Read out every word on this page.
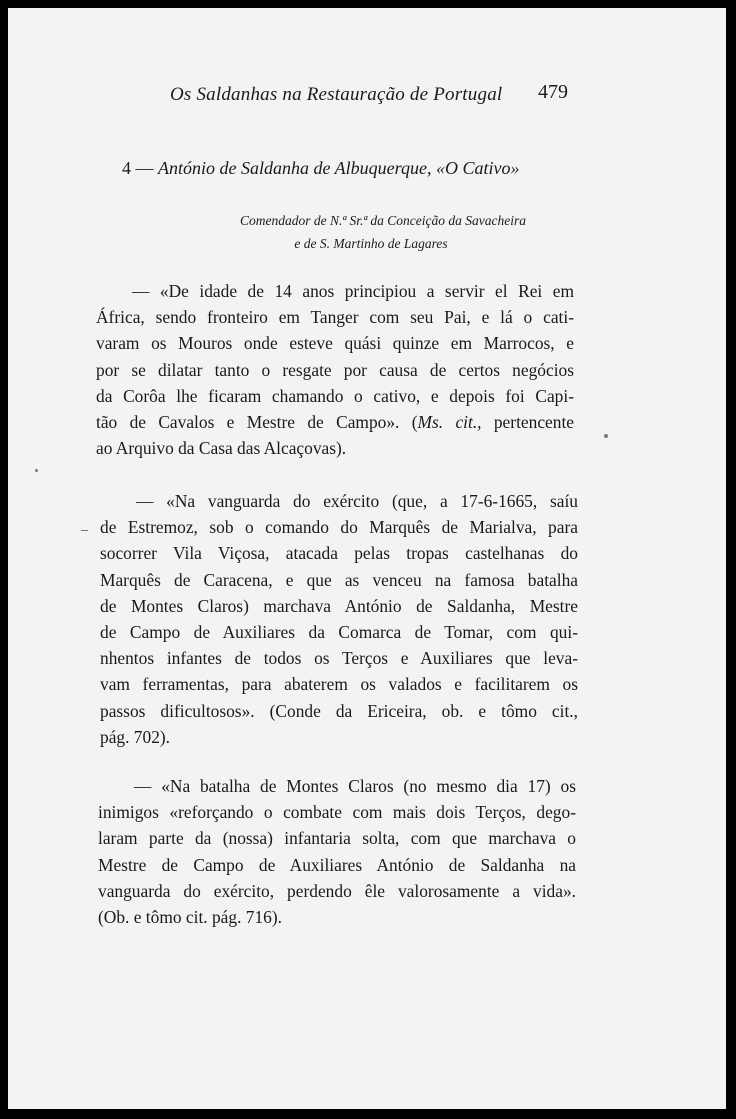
Os Saldanhas na Restauração de Portugal 479
4 — António de Saldanha de Albuquerque, «O Cativo»
Comendador de N.ª Sr.ª da Conceição da Savacheira
e de S. Martinho de Lagares
— «De idade de 14 anos principiou a servir el Rei em
África, sendo fronteiro em Tanger com seu Pai, e lá o cati-
varam os Mouros onde esteve quási quinze em Marrocos, e
por se dilatar tanto o resgate por causa de certos negócios
da Corôa lhe ficaram chamando o cativo, e depois foi Capi-
tão de Cavalos e Mestre de Campo». (Ms. cit., pertencente
ao Arquivo da Casa das Alcaçovas).
— «Na vanguarda do exército (que, a 17-6-1665, saíu
de Estremoz, sob o comando do Marquês de Marialva, para
socorrer Vila Viçosa, atacada pelas tropas castelhanas do
Marquês de Caracena, e que as venceu na famosa batalha
de Montes Claros) marchava António de Saldanha, Mestre
de Campo de Auxiliares da Comarca de Tomar, com qui-
nhentos infantes de todos os Terços e Auxiliares que leva-
vam ferramentas, para abaterem os valados e facilitarem os
passos dificultosos». (Conde da Ericeira, ob. e tômo cit.,
pág. 702).
— «Na batalha de Montes Claros (no mesmo dia 17) os
inimigos «reforçando o combate com mais dois Terços, dego-
laram parte da (nossa) infantaria solta, com que marchava o
Mestre de Campo de Auxiliares António de Saldanha na
vanguarda do exército, perdendo êle valorosamente a vida».
(Ob. e tômo cit. pág. 716).
